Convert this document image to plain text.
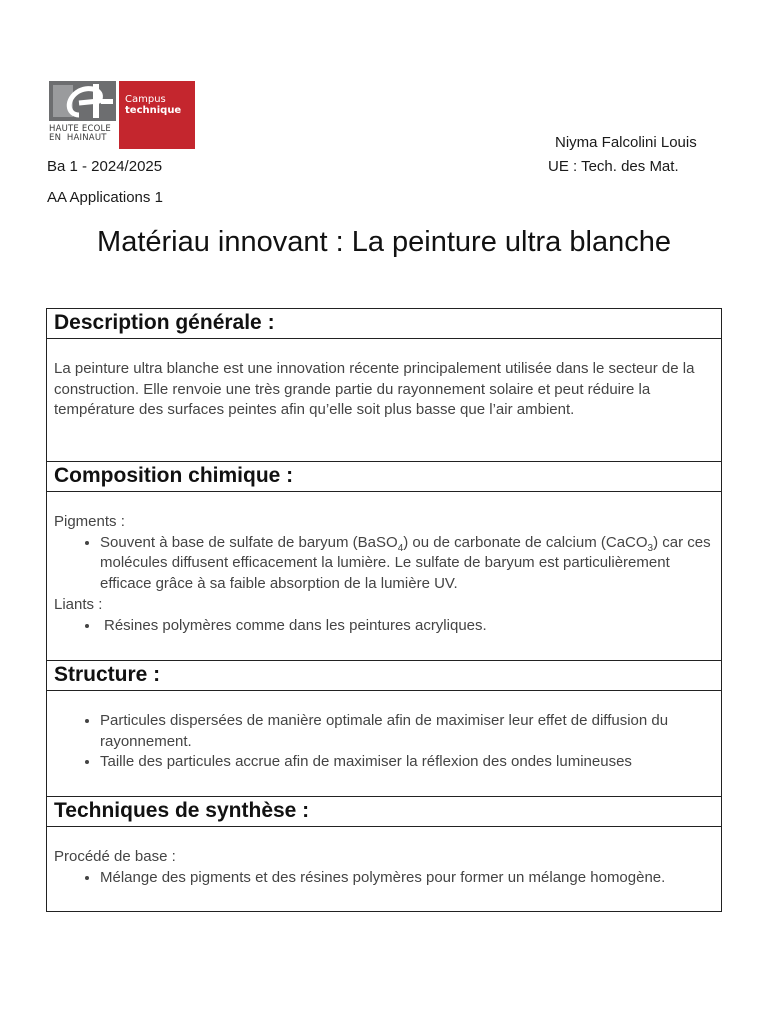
HAUTE ECOLE
EN  HAINAUT
Campus
technique
Niyma Falcolini Louis
Ba 1 - 2024/2025	UE : Tech. des Mat.
AA Applications 1
Matériau innovant : La peinture ultra blanche
Description générale :
La peinture ultra blanche est une innovation récente principalement utilisée dans le secteur de la construction. Elle renvoie une très grande partie du rayonnement solaire et peut réduire la température des surfaces peintes afin qu’elle soit plus basse que l’air ambient.
Composition chimique :
Pigments :
• Souvent à base de sulfate de baryum (BaSO$_4$) ou de carbonate de calcium (CaCO$_3$) car ces molécules diffusent efficacement la lumière. Le sulfate de baryum est particulièrement efficace grâce à sa faible absorption de la lumière UV.
Liants :
• Résines polymères comme dans les peintures acryliques.
Structure :
• Particules dispersées de manière optimale afin de maximiser leur effet de diffusion du rayonnement.
• Taille des particules accrue afin de maximiser la réflexion des ondes lumineuses
Techniques de synthèse :
Procédé de base :
• Mélange des pigments et des résines polymères pour former un mélange homogène.
